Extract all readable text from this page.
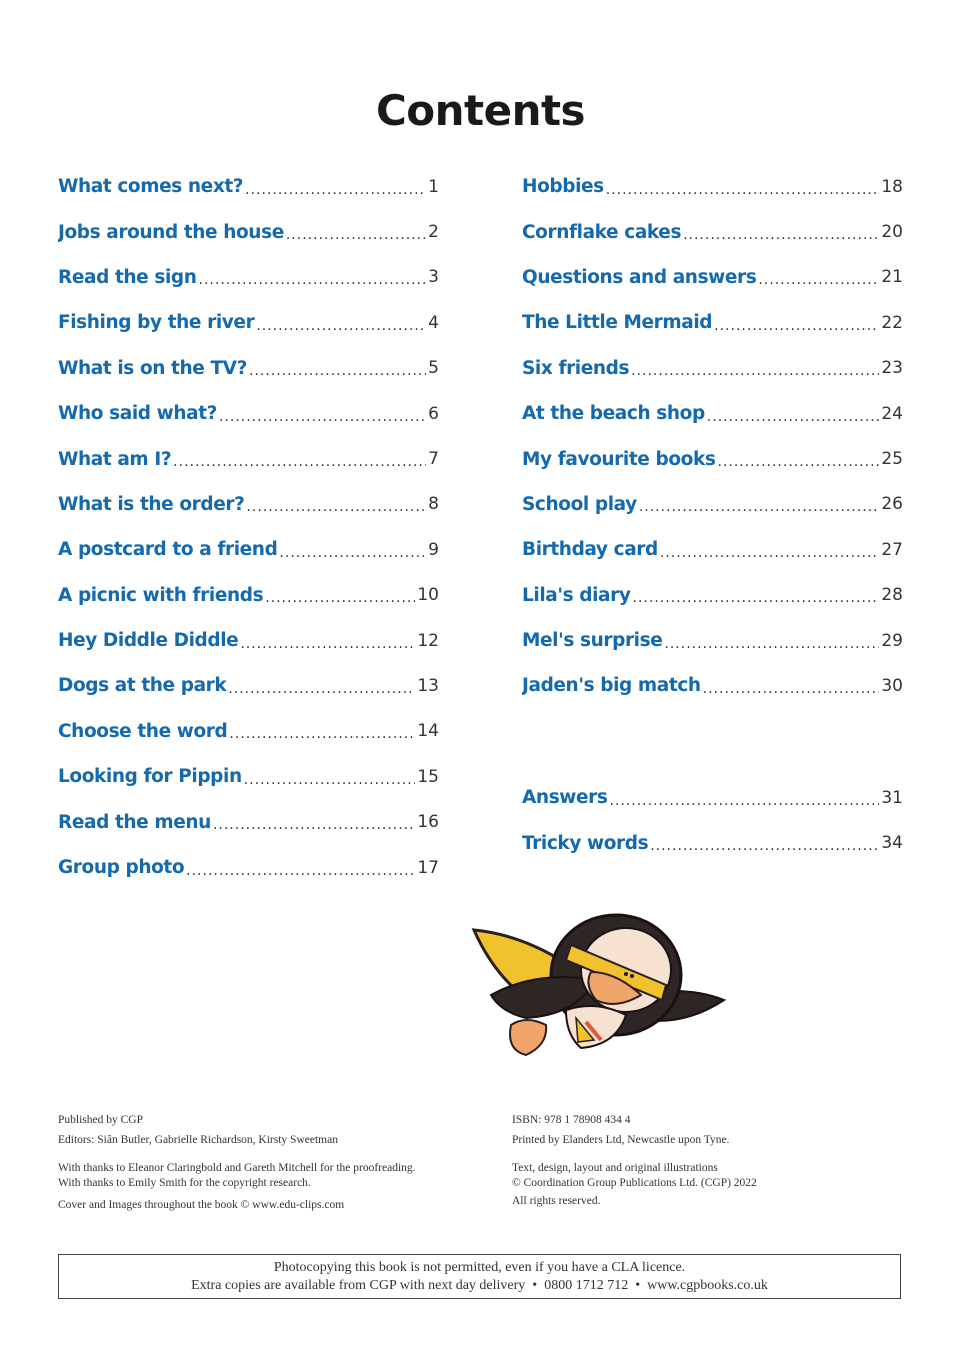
Contents
What comes next? .....	1
Jobs around the house .....	2
Read the sign .....	3
Fishing by the river .....	4
What is on the TV? .....	5
Who said what? .....	6
What am I? .....	7
What is the order? .....	8
A postcard to a friend .....	9
A picnic with friends .....	10
Hey Diddle Diddle .....	12
Dogs at the park .....	13
Choose the word .....	14
Looking for Pippin .....	15
Read the menu .....	16
Group photo .....	17
Hobbies .....	18
Cornflake cakes .....	20
Questions and answers .....	21
The Little Mermaid .....	22
Six friends .....	23
At the beach shop .....	24
My favourite books .....	25
School play .....	26
Birthday card .....	27
Lila's diary .....	28
Mel's surprise .....	29
Jaden's big match .....	30
Answers .....	31
Tricky words .....	34

Published by CGP

Editors: Siân Butler, Gabrielle Richardson, Kirsty Sweetman

With thanks to Eleanor Claringbold and Gareth Mitchell for the proofreading.

With thanks to Emily Smith for the copyright research.

Cover and Images throughout the book © www.edu-clips.com

ISBN: 978 1 78908 434 4

Printed by Elanders Ltd, Newcastle upon Tyne.

Text, design, layout and original illustrations

© Coordination Group Publications Ltd. (CGP) 2022

All rights reserved.

Photocopying this book is not permitted, even if you have a CLA licence.
Extra copies are available from CGP with next day delivery  •  0800 1712 712  •  www.cgpbooks.co.uk
